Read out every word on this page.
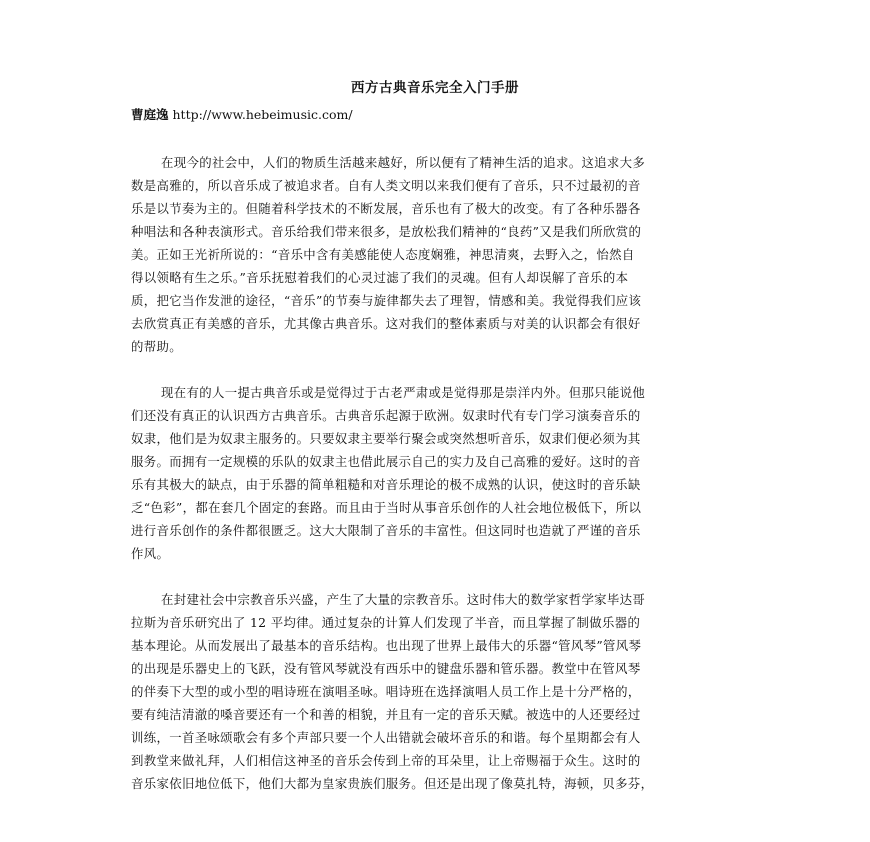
西方古典音乐完全入门手册
曹庭逸 http://www.hebeimusic.com/
在现今的社会中，人们的物质生活越来越好，所以便有了精神生活的追求。这追求大多
数是高雅的，所以音乐成了被追求者。自有人类文明以来我们便有了音乐，只不过最初的音
乐是以节奏为主的。但随着科学技术的不断发展，音乐也有了极大的改变。有了各种乐器各
种唱法和各种表演形式。音乐给我们带来很多，是放松我们精神的“良药”又是我们所欣赏的
美。正如王光祈所说的：“音乐中含有美感能使人态度娴雅，神思清爽，去野入之，怡然自
得以领略有生之乐。”音乐抚慰着我们的心灵过滤了我们的灵魂。但有人却误解了音乐的本
质，把它当作发泄的途径，“音乐”的节奏与旋律都失去了理智，情感和美。我觉得我们应该
去欣赏真正有美感的音乐，尤其像古典音乐。这对我们的整体素质与对美的认识都会有很好
的帮助。
现在有的人一提古典音乐或是觉得过于古老严肃或是觉得那是崇洋内外。但那只能说他
们还没有真正的认识西方古典音乐。古典音乐起源于欧洲。奴隶时代有专门学习演奏音乐的
奴隶，他们是为奴隶主服务的。只要奴隶主要举行聚会或突然想听音乐，奴隶们便必须为其
服务。而拥有一定规模的乐队的奴隶主也借此展示自己的实力及自己高雅的爱好。这时的音
乐有其极大的缺点，由于乐器的简单粗糙和对音乐理论的极不成熟的认识，使这时的音乐缺
乏“色彩”，都在套几个固定的套路。而且由于当时从事音乐创作的人社会地位极低下，所以
进行音乐创作的条件都很匮乏。这大大限制了音乐的丰富性。但这同时也造就了严谨的音乐
作风。
在封建社会中宗教音乐兴盛，产生了大量的宗教音乐。这时伟大的数学家哲学家毕达哥
拉斯为音乐研究出了 12 平均律。通过复杂的计算人们发现了半音，而且掌握了制做乐器的
基本理论。从而发展出了最基本的音乐结构。也出现了世界上最伟大的乐器“管风琴”管风琴
的出现是乐器史上的飞跃，没有管风琴就没有西乐中的键盘乐器和管乐器。教堂中在管风琴
的伴奏下大型的或小型的唱诗班在演唱圣咏。唱诗班在选择演唱人员工作上是十分严格的，
要有纯洁清澈的嗓音要还有一个和善的相貌，并且有一定的音乐天赋。被选中的人还要经过
训练，一首圣咏颂歌会有多个声部只要一个人出错就会破坏音乐的和谐。每个星期都会有人
到教堂来做礼拜，人们相信这神圣的音乐会传到上帝的耳朵里，让上帝赐福于众生。这时的
音乐家依旧地位低下，他们大都为皇家贵族们服务。但还是出现了像莫扎特，海顿，贝多芬，
